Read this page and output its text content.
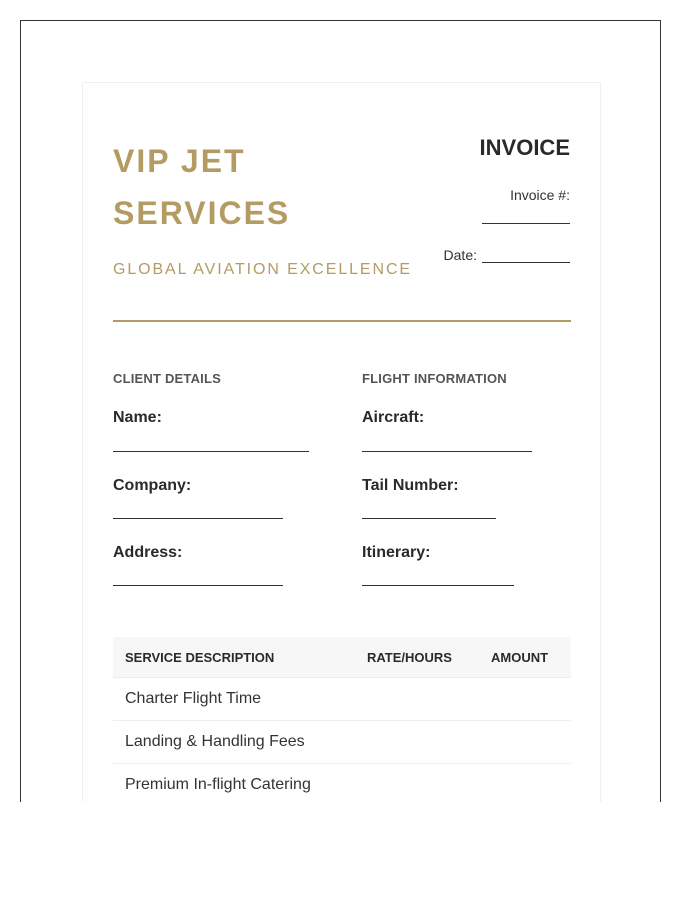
VIP JET SERVICES
GLOBAL AVIATION EXCELLENCE
INVOICE
Invoice #:
Date:
CLIENT DETAILS
Name:
Company:
Address:
FLIGHT INFORMATION
Aircraft:
Tail Number:
Itinerary:
SERVICE DESCRIPTION	RATE/HOURS	AMOUNT
Charter Flight Time
Landing & Handling Fees
Premium In-flight Catering
